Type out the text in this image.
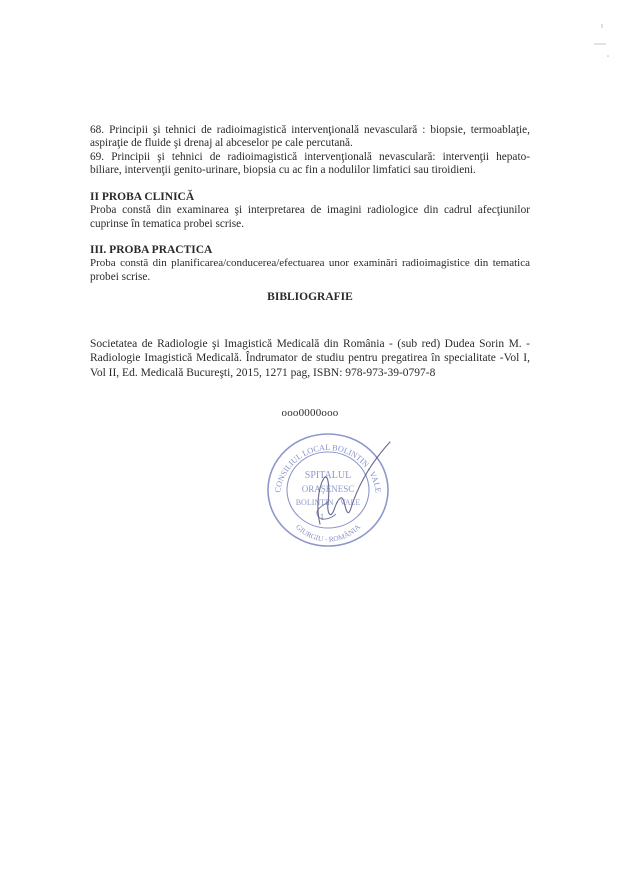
68. Principii şi tehnici de radioimagistică intervenţională nevasculară : biopsie, termoablaţie,
aspiraţie de fluide şi drenaj al abceselor pe cale percutană.
69. Principii şi tehnici de radioimagistică intervenţională nevasculară: intervenţii hepato-
biliare, intervenţii genito-urinare, biopsia cu ac fin a nodulilor limfatici sau tiroidieni.
II PROBA CLINICĂ
Proba constă din examinarea şi interpretarea de imagini radiologice din cadrul afecţiunilor
cuprinse în tematica probei scrise.
III. PROBA PRACTICA
Proba constă din planificarea/conducerea/efectuarea unor examinări radioimagistice din tematica
probei scrise.
BIBLIOGRAFIE
Societatea de Radiologie şi Imagistică Medicală din România - (sub red) Dudea Sorin M. -
Radiologie Imagistică Medicală. Îndrumator de studiu pentru pregatirea în specialitate -Vol I,
Vol II, Ed. Medicală Bucureşti, 2015, 1271 pag, ISBN: 978-973-39-0797-8
ooo0000ooo
CONSILIUL LOCAL BOLINTIN - VALE
GIURGIU - ROMÂNIA
SPITALUL
ORAŞENESC
BOLINTIN - VALE
1
